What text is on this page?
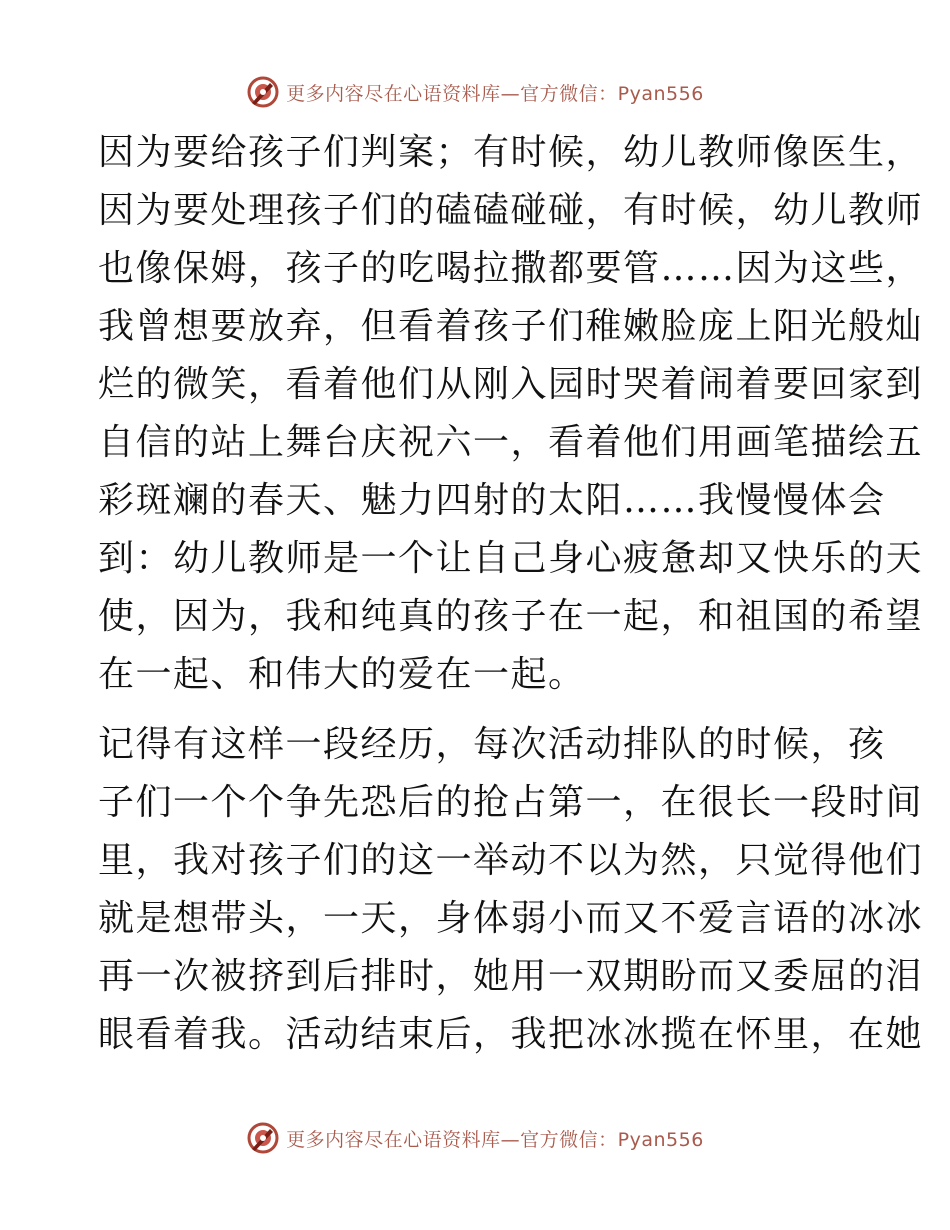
更多内容尽在心语资料库—官方微信：Pyan556
因为要给孩子们判案；有时候，幼儿教师像医生，
因为要处理孩子们的磕磕碰碰，有时候，幼儿教师
也像保姆，孩子的吃喝拉撒都要管……因为这些，
我曾想要放弃，但看着孩子们稚嫩脸庞上阳光般灿
烂的微笑，看着他们从刚入园时哭着闹着要回家到
自信的站上舞台庆祝六一，看着他们用画笔描绘五
彩斑斓的春天、魅力四射的太阳……我慢慢体会
到：幼儿教师是一个让自己身心疲惫却又快乐的天
使，因为，我和纯真的孩子在一起，和祖国的希望
在一起、和伟大的爱在一起。
记得有这样一段经历，每次活动排队的时候，孩
子们一个个争先恐后的抢占第一，在很长一段时间
里，我对孩子们的这一举动不以为然，只觉得他们
就是想带头，一天，身体弱小而又不爱言语的冰冰
再一次被挤到后排时，她用一双期盼而又委屈的泪
眼看着我。活动结束后，我把冰冰揽在怀里，在她
更多内容尽在心语资料库—官方微信：Pyan556
